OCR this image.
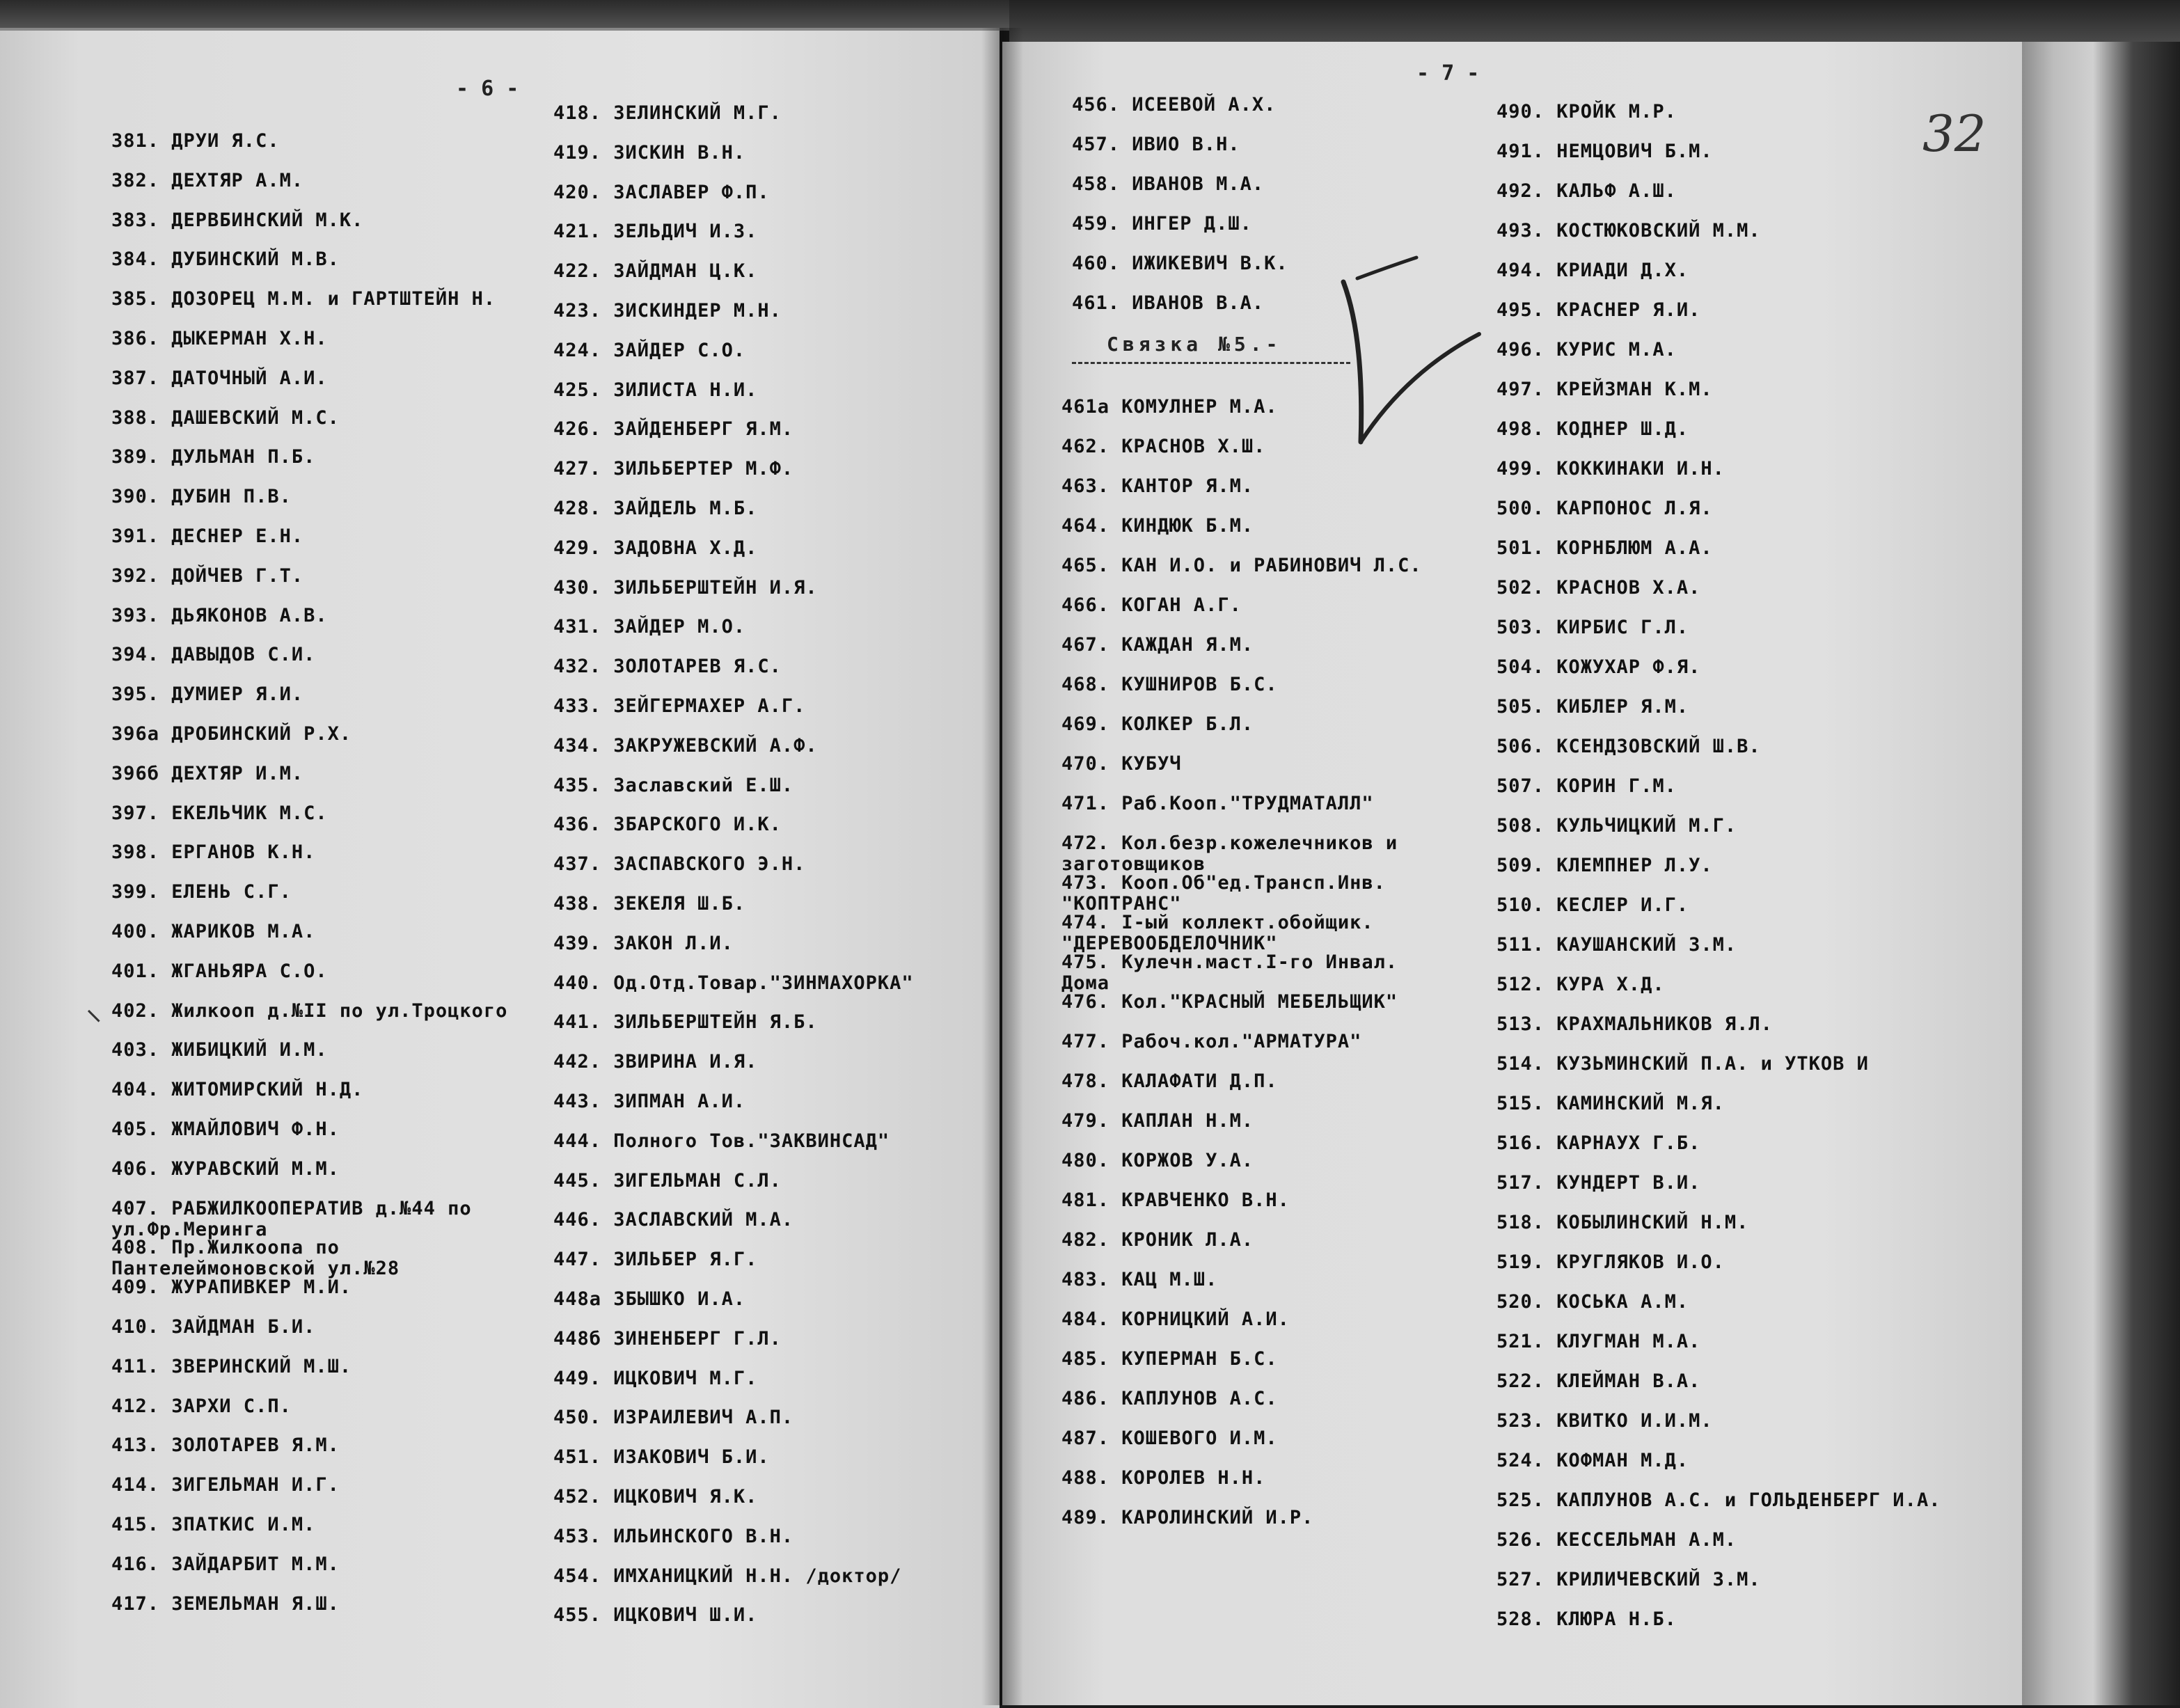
- 6 -
- 7 -
32
381. ДРУИ Я.С.
382. ДЕХТЯР А.М.
383. ДЕРВБИНСКИЙ М.К.
384. ДУБИНСКИЙ М.В.
385. ДОЗОРЕЦ М.М. и ГАРТШТЕЙН Н.
386. ДЫКЕРМАН Х.Н.
387. ДАТОЧНЫЙ А.И.
388. ДАШЕВСКИЙ М.С.
389. ДУЛЬМАН П.Б.
390. ДУБИН П.В.
391. ДЕСНЕР Е.Н.
392. ДОЙЧЕВ Г.Т.
393. ДЬЯКОНОВ А.В.
394. ДАВЫДОВ С.И.
395. ДУМИЕР Я.И.
396а ДРОБИНСКИЙ Р.Х.
396б ДЕХТЯР И.М.
397. ЕКЕЛЬЧИК М.С.
398. ЕРГАНОВ К.Н.
399. ЕЛЕНЬ С.Г.
400. ЖАРИКОВ М.А.
401. ЖГАНЬЯРА С.О.
402. Жилкооп д.№II по ул.Троцкого
403. ЖИБИЦКИЙ И.М.
404. ЖИТОМИРСКИЙ Н.Д.
405. ЖМАЙЛОВИЧ Ф.Н.
406. ЖУРАВСКИЙ М.М.
407. РАБЖИЛКООПЕРАТИВ д.№44 по ул.Фр.Меринга
408. Пр.Жилкоопа по Пантелеймоновской ул.№28
409. ЖУРАПИВКЕР М.И.
410. ЗАЙДМАН Б.И.
411. ЗВЕРИНСКИЙ М.Ш.
412. ЗАРХИ С.П.
413. ЗОЛОТАРЕВ Я.М.
414. ЗИГЕЛЬМАН И.Г.
415. ЗПАТКИС И.М.
416. ЗАЙДАРБИТ М.М.
417. ЗЕМЕЛЬМАН Я.Ш.
418. ЗЕЛИНСКИЙ М.Г.
419. ЗИСКИН В.Н.
420. ЗАСЛАВЕР Ф.П.
421. ЗЕЛЬДИЧ И.З.
422. ЗАЙДМАН Ц.К.
423. ЗИСКИНДЕР М.Н.
424. ЗАЙДЕР С.О.
425. ЗИЛИСТА Н.И.
426. ЗАЙДЕНБЕРГ Я.М.
427. ЗИЛЬБЕРТЕР М.Ф.
428. ЗАЙДЕЛЬ М.Б.
429. ЗАДОВНА Х.Д.
430. ЗИЛЬБЕРШТЕЙН И.Я.
431. ЗАЙДЕР М.О.
432. ЗОЛОТАРЕВ Я.С.
433. ЗЕЙГЕРМАХЕР А.Г.
434. ЗАКРУЖЕВСКИЙ А.Ф.
435. Заславский Е.Ш.
436. ЗБАРСКОГО И.К.
437. ЗАСПАВСКОГО Э.Н.
438. ЗЕКЕЛЯ Ш.Б.
439. ЗАКОН Л.И.
440. Од.Отд.Товар."ЗИНМАХОРКА"
441. ЗИЛЬБЕРШТЕЙН Я.Б.
442. ЗВИРИНА И.Я.
443. ЗИПМАН А.И.
444. Полного Тов."ЗАКВИНСАД"
445. ЗИГЕЛЬМАН С.Л.
446. ЗАСЛАВСКИЙ М.А.
447. ЗИЛЬБЕР Я.Г.
448а ЗБЫШКО И.А.
448б ЗИНЕНБЕРГ Г.Л.
449. ИЦКОВИЧ М.Г.
450. ИЗРАИЛЕВИЧ А.П.
451. ИЗАКОВИЧ Б.И.
452. ИЦКОВИЧ Я.К.
453. ИЛЬИНСКОГО В.Н.
454. ИМХАНИЦКИЙ Н.Н. /доктор/
455. ИЦКОВИЧ Ш.И.
456. ИСЕЕВОЙ А.Х.
457. ИВИО В.Н.
458. ИВАНОВ М.А.
459. ИНГЕР Д.Ш.
460. ИЖИКЕВИЧ В.К.
461. ИВАНОВ В.А.
461а КОМУЛНЕР М.А.
462. КРАСНОВ Х.Ш.
463. КАНТОР Я.М.
464. КИНДЮК Б.М.
465. КАН И.О. и РАБИНОВИЧ Л.С.
466. КОГАН А.Г.
467. КАЖДАН Я.М.
468. КУШНИРОВ Б.С.
469. КОЛКЕР Б.Л.
470. КУБУЧ
471. Раб.Кооп."ТРУДМАТАЛЛ"
472. Кол.безр.кожелечников и заготовщиков
473. Кооп.Об"ед.Трансп.Инв. "КОПТРАНС"
474. I-ый коллект.обойщик. "ДЕРЕВООБДЕЛОЧНИК"
475. Кулечн.маст.I-го Инвал. Дома
476. Кол."КРАСНЫЙ МЕБЕЛЬЩИК"
477. Рабоч.кол."АРМАТУРА"
478. КАЛАФАТИ Д.П.
479. КАПЛАН Н.М.
480. КОРЖОВ У.А.
481. КРАВЧЕНКО В.Н.
482. КРОНИК Л.А.
483. КАЦ М.Ш.
484. КОРНИЦКИЙ А.И.
485. КУПЕРМАН Б.С.
486. КАПЛУНОВ А.С.
487. КОШЕВОГО И.М.
488. КОРОЛЕВ Н.Н.
489. КАРОЛИНСКИЙ И.Р.
490. КРОЙК М.Р.
491. НЕМЦОВИЧ Б.М.
492. КАЛЬФ А.Ш.
493. КОСТЮКОВСКИЙ М.М.
494. КРИАДИ Д.Х.
495. КРАСНЕР Я.И.
496. КУРИС М.А.
497. КРЕЙЗМАН К.М.
498. КОДНЕР Ш.Д.
499. КОККИНАКИ И.Н.
500. КАРПОНОС Л.Я.
501. КОРНБЛЮМ А.А.
502. КРАСНОВ Х.А.
503. КИРБИС Г.Л.
504. КОЖУХАР Ф.Я.
505. КИБЛЕР Я.М.
506. КСЕНДЗОВСКИЙ Ш.В.
507. КОРИН Г.М.
508. КУЛЬЧИЦКИЙ М.Г.
509. КЛЕМПНЕР Л.У.
510. КЕСЛЕР И.Г.
511. КАУШАНСКИЙ З.М.
512. КУРА Х.Д.
513. КРАХМАЛЬНИКОВ Я.Л.
514. КУЗЬМИНСКИЙ П.А. и УТКОВ И
515. КАМИНСКИЙ М.Я.
516. КАРНАУХ Г.Б.
517. КУНДЕРТ В.И.
518. КОБЫЛИНСКИЙ Н.М.
519. КРУГЛЯКОВ И.О.
520. КОСЬКА А.М.
521. КЛУГМАН М.А.
522. КЛЕЙМАН В.А.
523. КВИТКО И.И.М.
524. КОФМАН М.Д.
525. КАПЛУНОВ А.С. и ГОЛЬДЕНБЕРГ И.А.
526. КЕССЕЛЬМАН А.М.
527. КРИЛИЧЕВСКИЙ З.М.
528. КЛЮРА Н.Б.
Связка №5.-
